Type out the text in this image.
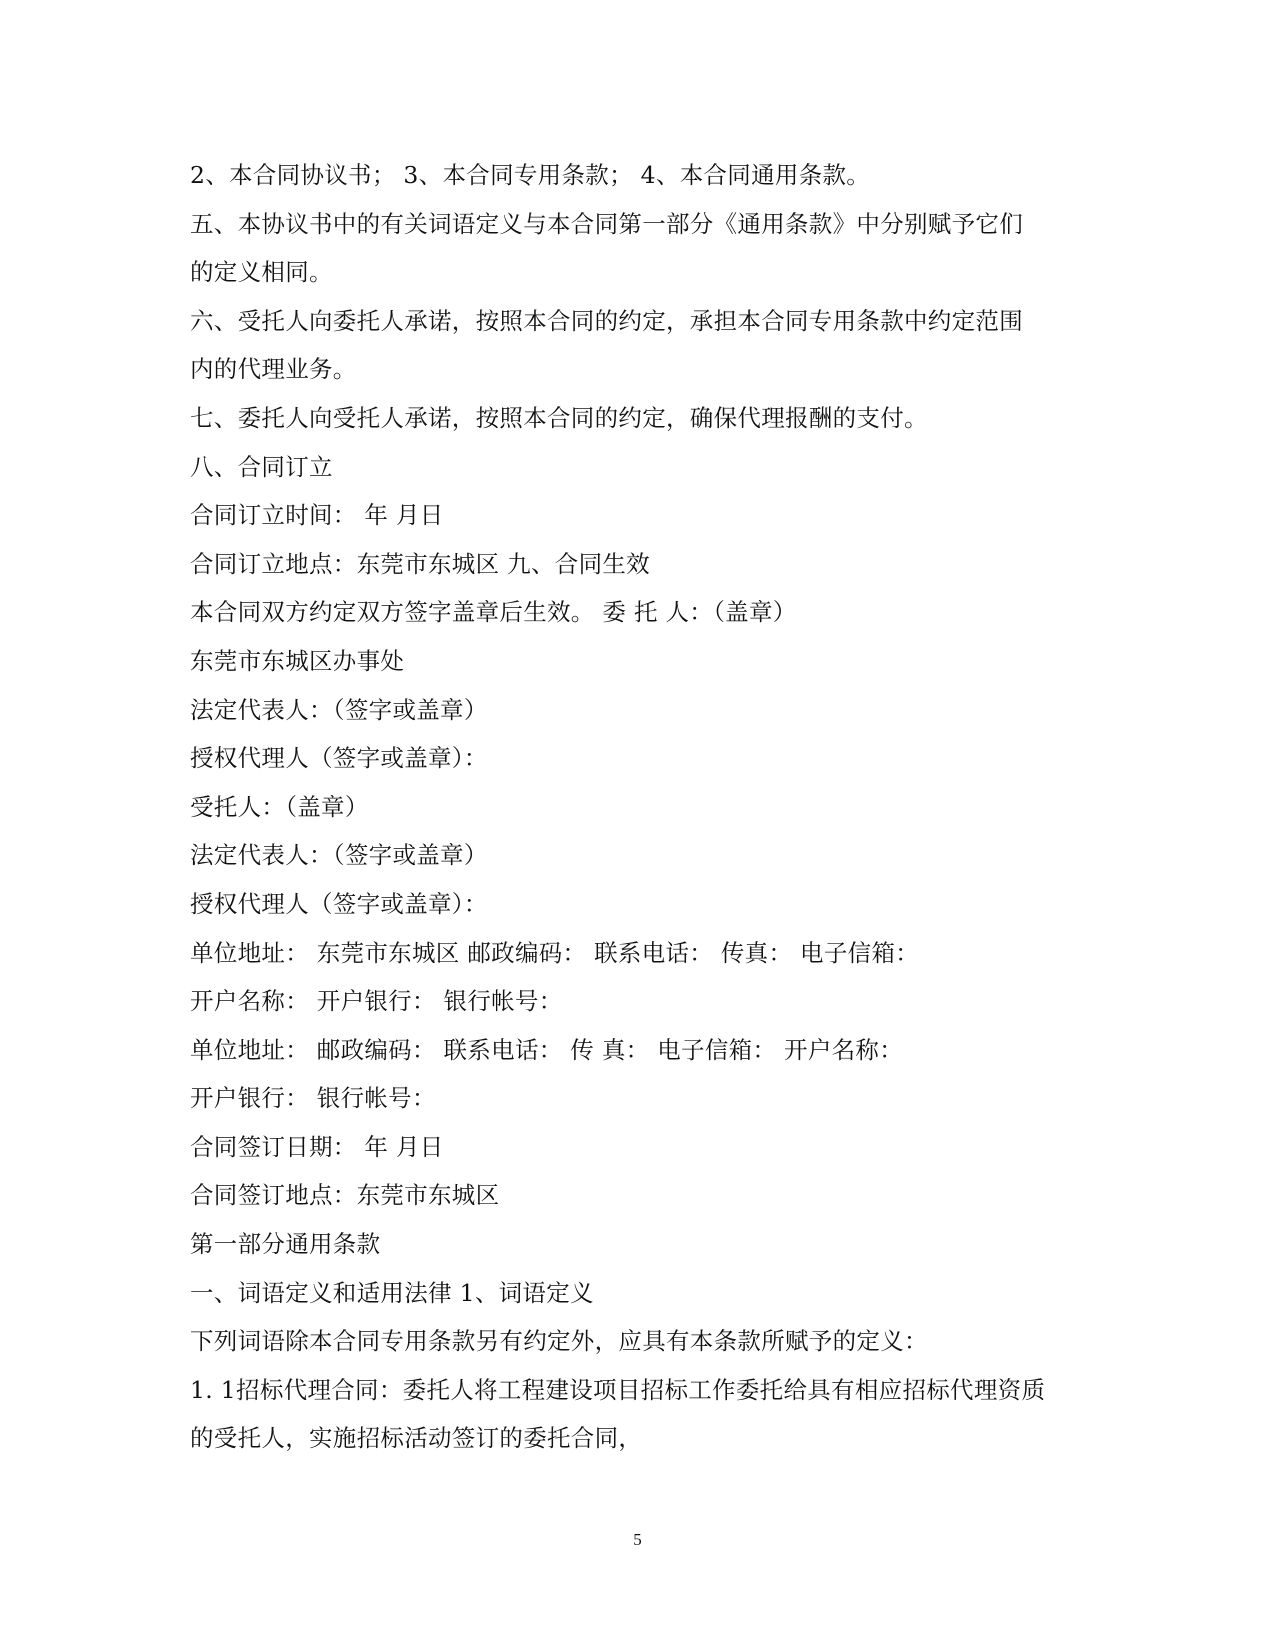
2、本合同协议书； 3、本合同专用条款； 4、本合同通用条款。
五、本协议书中的有关词语定义与本合同第一部分《通用条款》中分别赋予它们
的定义相同。
六、受托人向委托人承诺，按照本合同的约定，承担本合同专用条款中约定范围
内的代理业务。
七、委托人向受托人承诺，按照本合同的约定，确保代理报酬的支付。
八、合同订立
合同订立时间： 年 月日
合同订立地点：东莞市东城区 九、合同生效
本合同双方约定双方签字盖章后生效。 委 托 人：（盖章）
东莞市东城区办事处
法定代表人：（签字或盖章）
授权代理人（签字或盖章）：
受托人：（盖章）
法定代表人：（签字或盖章）
授权代理人（签字或盖章）：
单位地址： 东莞市东城区 邮政编码： 联系电话： 传真： 电子信箱：
开户名称： 开户银行： 银行帐号：
单位地址： 邮政编码： 联系电话： 传 真： 电子信箱： 开户名称：
开户银行： 银行帐号：
合同签订日期： 年 月日
合同签订地点：东莞市东城区
第一部分通用条款
一、词语定义和适用法律 1、词语定义
下列词语除本合同专用条款另有约定外，应具有本条款所赋予的定义：
1. 1招标代理合同：委托人将工程建设项目招标工作委托给具有相应招标代理资质
的受托人，实施招标活动签订的委托合同，
5
